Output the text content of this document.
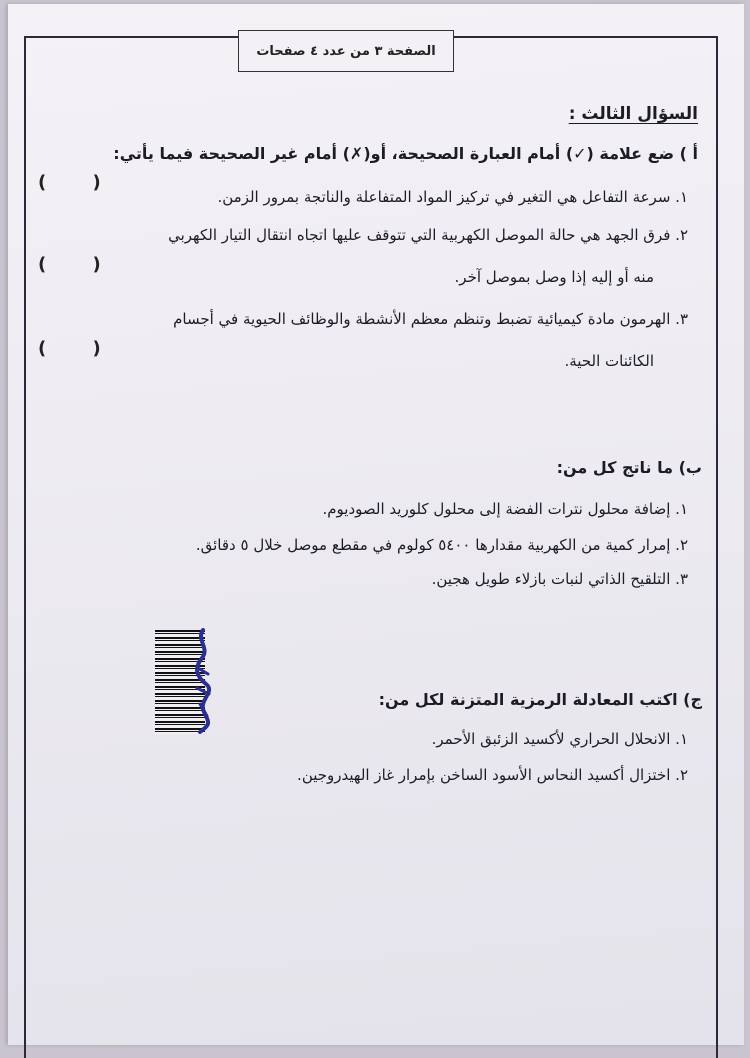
الصفحة ٣ من عدد ٤ صفحات
السؤال الثالث :
أ ) ضع علامة (✓) أمام العبارة الصحيحة، أو(✗) أمام غير الصحيحة فيما يأتي:
١. سرعة التفاعل هي التغير في تركيز المواد المتفاعلة والناتجة بمرور الزمن.
( )
٢. فرق الجهد هي حالة الموصل الكهربية التي تتوقف عليها اتجاه انتقال التيار الكهربي
منه أو إليه إذا وصل بموصل آخر.
( )
٣. الهرمون مادة كيميائية تضبط وتنظم معظم الأنشطة والوظائف الحيوية في أجسام
الكائنات الحية.
( )
ب) ما ناتج كل من:
١. إضافة محلول نترات الفضة إلى محلول كلوريد الصوديوم.
٢. إمرار كمية من الكهربية مقدارها ٥٤٠٠ كولوم في مقطع موصل خلال ٥ دقائق.
٣. التلقيح الذاتي لنبات بازلاء طويل هجين.
ج) اكتب المعادلة الرمزية المتزنة لكل من:
١. الانحلال الحراري لأكسيد الزئبق الأحمر.
٢. اختزال أكسيد النحاس الأسود الساخن بإمرار غاز الهيدروجين.
